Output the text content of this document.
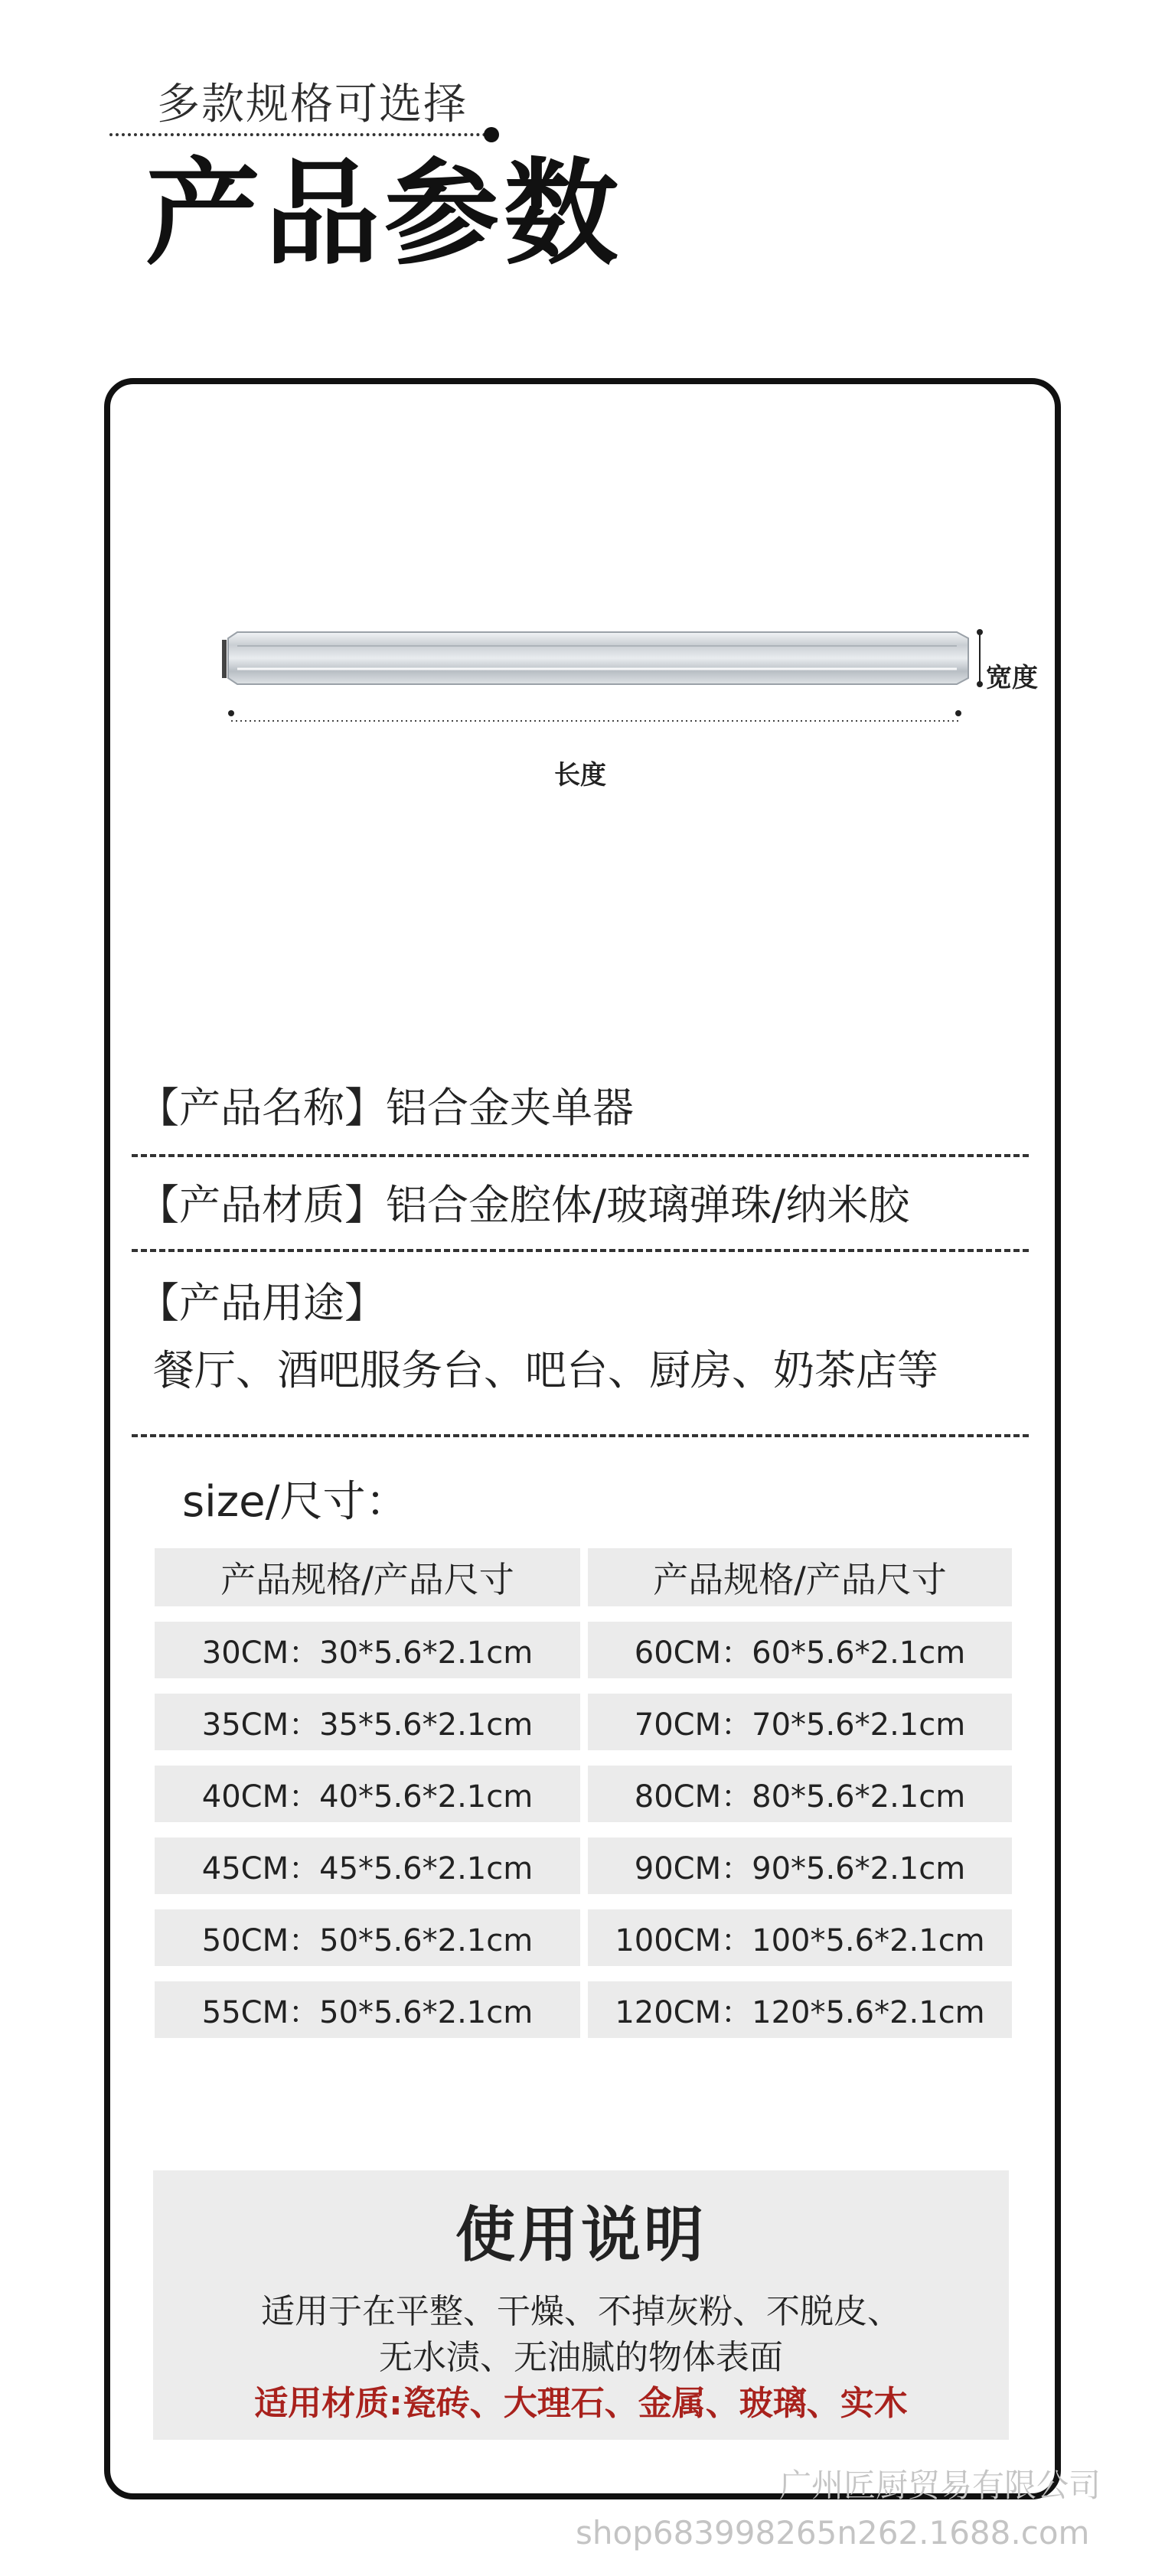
多款规格可选择
产品参数
宽度
长度
【产品名称】铝合金夹单器
【产品材质】铝合金腔体/玻璃弹珠/纳米胶
【产品用途】
餐厅、酒吧服务台、吧台、厨房、奶茶店等
size/尺寸：
产品规格/产品尺寸	产品规格/产品尺寸
30CM：30*5.6*2.1cm	60CM：60*5.6*2.1cm
35CM：35*5.6*2.1cm	70CM：70*5.6*2.1cm
40CM：40*5.6*2.1cm	80CM：80*5.6*2.1cm
45CM：45*5.6*2.1cm	90CM：90*5.6*2.1cm
50CM：50*5.6*2.1cm	100CM：100*5.6*2.1cm
55CM：50*5.6*2.1cm	120CM：120*5.6*2.1cm
使用说明
适用于在平整、干燥、不掉灰粉、不脱皮、
无水渍、无油腻的物体表面
适用材质:瓷砖、大理石、金属、玻璃、实木
广州匠厨贸易有限公司
shop683998265n262.1688.com
